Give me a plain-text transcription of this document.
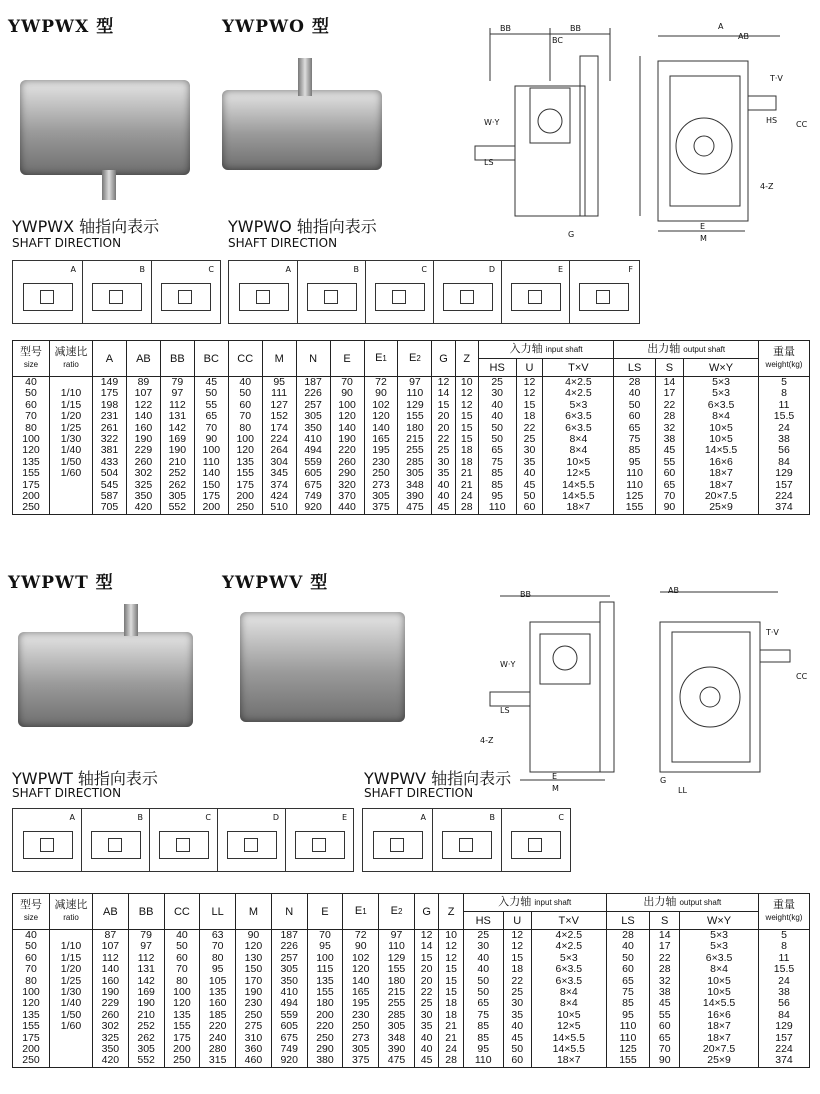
YWPWX 型	YWPWO 型	BB	BB
BC
A
AB
W·Y
LS
T·V
HS CC
4-Z
E
M
G
YWPWX 轴指向表示
SHAFT DIRECTION
YWPWO 轴指向表示
SHAFT DIRECTION
A	B	C	A	B	C	D	E	F
型号
size	减速比
ratio	A	AB	BB	BC	CC	M	N	E	E1	E2	G	Z	入力轴 input shaft			出力轴 output shaft			重量
weight(kg)
														HS	U	T×V	LS	S	W×Y	
40		149	89	79	45	40	95	187	70	72	97	12	10	25	12	4×2.5	28	14	5×3	5
50	1/10	175	107	97	50	50	111	226	90	90	110	14	12	30	12	4×2.5	40	17	5×3	8
60	1/15	198	122	112	55	60	127	257	100	102	129	15	12	40	15	5×3	50	22	6×3.5	11
70	1/20	231	140	131	65	70	152	305	120	120	155	20	15	40	18	6×3.5	60	28	8×4	15.5
80	1/25	261	160	142	70	80	174	350	140	140	180	20	15	50	22	6×3.5	65	32	10×5	24
100	1/30	322	190	169	90	100	224	410	190	165	215	22	15	50	25	8×4	75	38	10×5	38
120	1/40	381	229	190	100	120	264	494	220	195	255	25	18	65	30	8×4	85	45	14×5.5	56
135	1/50	433	260	210	110	135	304	559	260	230	285	30	18	75	35	10×5	95	55	16×6	84
155	1/60	504	302	252	140	155	345	605	290	250	305	35	21	85	40	12×5	110	60	18×7	129
175		545	325	262	150	175	374	675	320	273	348	40	21	85	45	14×5.5	110	65	18×7	157
200		587	350	305	175	200	424	749	370	305	390	40	24	95	50	14×5.5	125	70	20×7.5	224
250		705	420	552	200	250	510	920	440	375	475	45	28	110	60	18×7	155	90	25×9	374
YWPWT 型	YWPWV 型
BB	AB
W·Y
LS
4-Z
E
M
T·V
CC
G
LL
YWPWT 轴指向表示
SHAFT DIRECTION
YWPWV 轴指向表示
SHAFT DIRECTION
A	B	C	D	E	A	B	C
型号
size	减速比
ratio	AB	BB	CC	LL	M	N	E	E1	E2	G	Z	入力轴 input shaft			出力轴 output shaft			重量
weight(kg)
													HS	U	T×V	LS	S	W×Y	
40		87	79	40	63	90	187	70	72	97	12	10	25	12	4×2.5	28	14	5×3	5
50	1/10	107	97	50	70	120	226	95	90	110	14	12	30	12	4×2.5	40	17	5×3	8
60	1/15	112	112	60	80	130	257	100	102	129	15	12	40	15	5×3	50	22	6×3.5	11
70	1/20	140	131	70	95	150	305	115	120	155	20	15	40	18	6×3.5	60	28	8×4	15.5
80	1/25	160	142	80	105	170	350	135	140	180	20	15	50	22	6×3.5	65	32	10×5	24
100	1/30	190	169	100	135	190	410	155	165	215	22	15	50	25	8×4	75	38	10×5	38
120	1/40	229	190	120	160	230	494	180	195	255	25	18	65	30	8×4	85	45	14×5.5	56
135	1/50	260	210	135	185	250	559	200	230	285	30	18	75	35	10×5	95	55	16×6	84
155	1/60	302	252	155	220	275	605	220	250	305	35	21	85	40	12×5	110	60	18×7	129
175		325	262	175	240	310	675	250	273	348	40	21	85	45	14×5.5	110	65	18×7	157
200		350	305	200	280	360	749	290	305	390	40	24	95	50	14×5.5	125	70	20×7.5	224
250		420	552	250	315	460	920	380	375	475	45	28	110	60	18×7	155	90	25×9	374
